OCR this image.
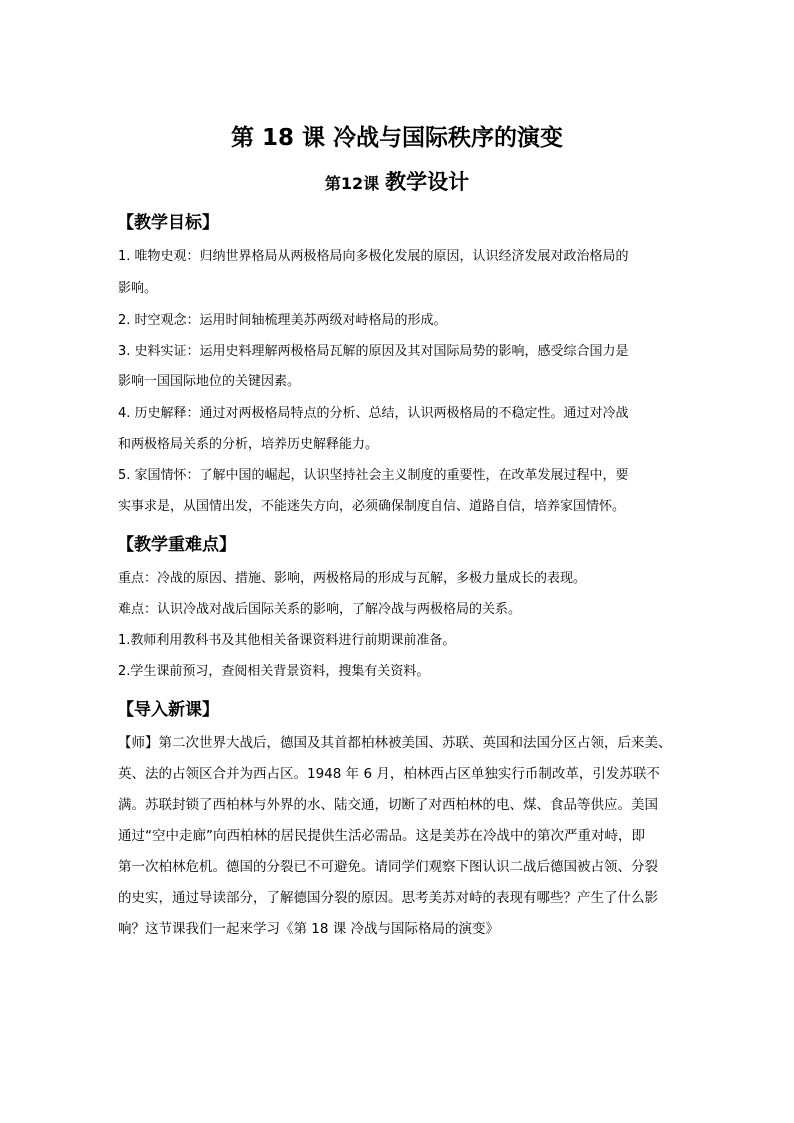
第 18 课 冷战与国际秩序的演变
第12课 教学设计
【教学目标】
1. 唯物史观：归纳世界格局从两极格局向多极化发展的原因，认识经济发展对政治格局的
影响。
2. 时空观念：运用时间轴梳理美苏两级对峙格局的形成。
3. 史料实证：运用史料理解两极格局瓦解的原因及其对国际局势的影响，感受综合国力是
影响一国国际地位的关键因素。
4. 历史解释：通过对两极格局特点的分析、总结，认识两极格局的不稳定性。通过对冷战
和两极格局关系的分析，培养历史解释能力。
5. 家国情怀：了解中国的崛起，认识坚持社会主义制度的重要性，在改革发展过程中，要
实事求是，从国情出发，不能迷失方向，必须确保制度自信、道路自信，培养家国情怀。
【教学重难点】
重点：冷战的原因、措施、影响，两极格局的形成与瓦解，多极力量成长的表现。
难点：认识冷战对战后国际关系的影响，了解冷战与两极格局的关系。
1.教师利用教科书及其他相关备课资料进行前期课前准备。
2.学生课前预习，查阅相关背景资料，搜集有关资料。
【导入新课】
【师】第二次世界大战后，德国及其首都柏林被美国、苏联、英国和法国分区占领，后来美、
英、法的占领区合并为西占区。1948 年 6 月，柏林西占区单独实行币制改革，引发苏联不
满。苏联封锁了西柏林与外界的水、陆交通，切断了对西柏林的电、煤、食品等供应。美国
通过“空中走廊”向西柏林的居民提供生活必需品。这是美苏在冷战中的第次严重对峙，即
第一次柏林危机。德国的分裂已不可避免。请同学们观察下图认识二战后德国被占领、分裂
的史实，通过导读部分，了解德国分裂的原因。思考美苏对峙的表现有哪些？产生了什么影
响？这节课我们一起来学习《第 18 课 冷战与国际格局的演变》
